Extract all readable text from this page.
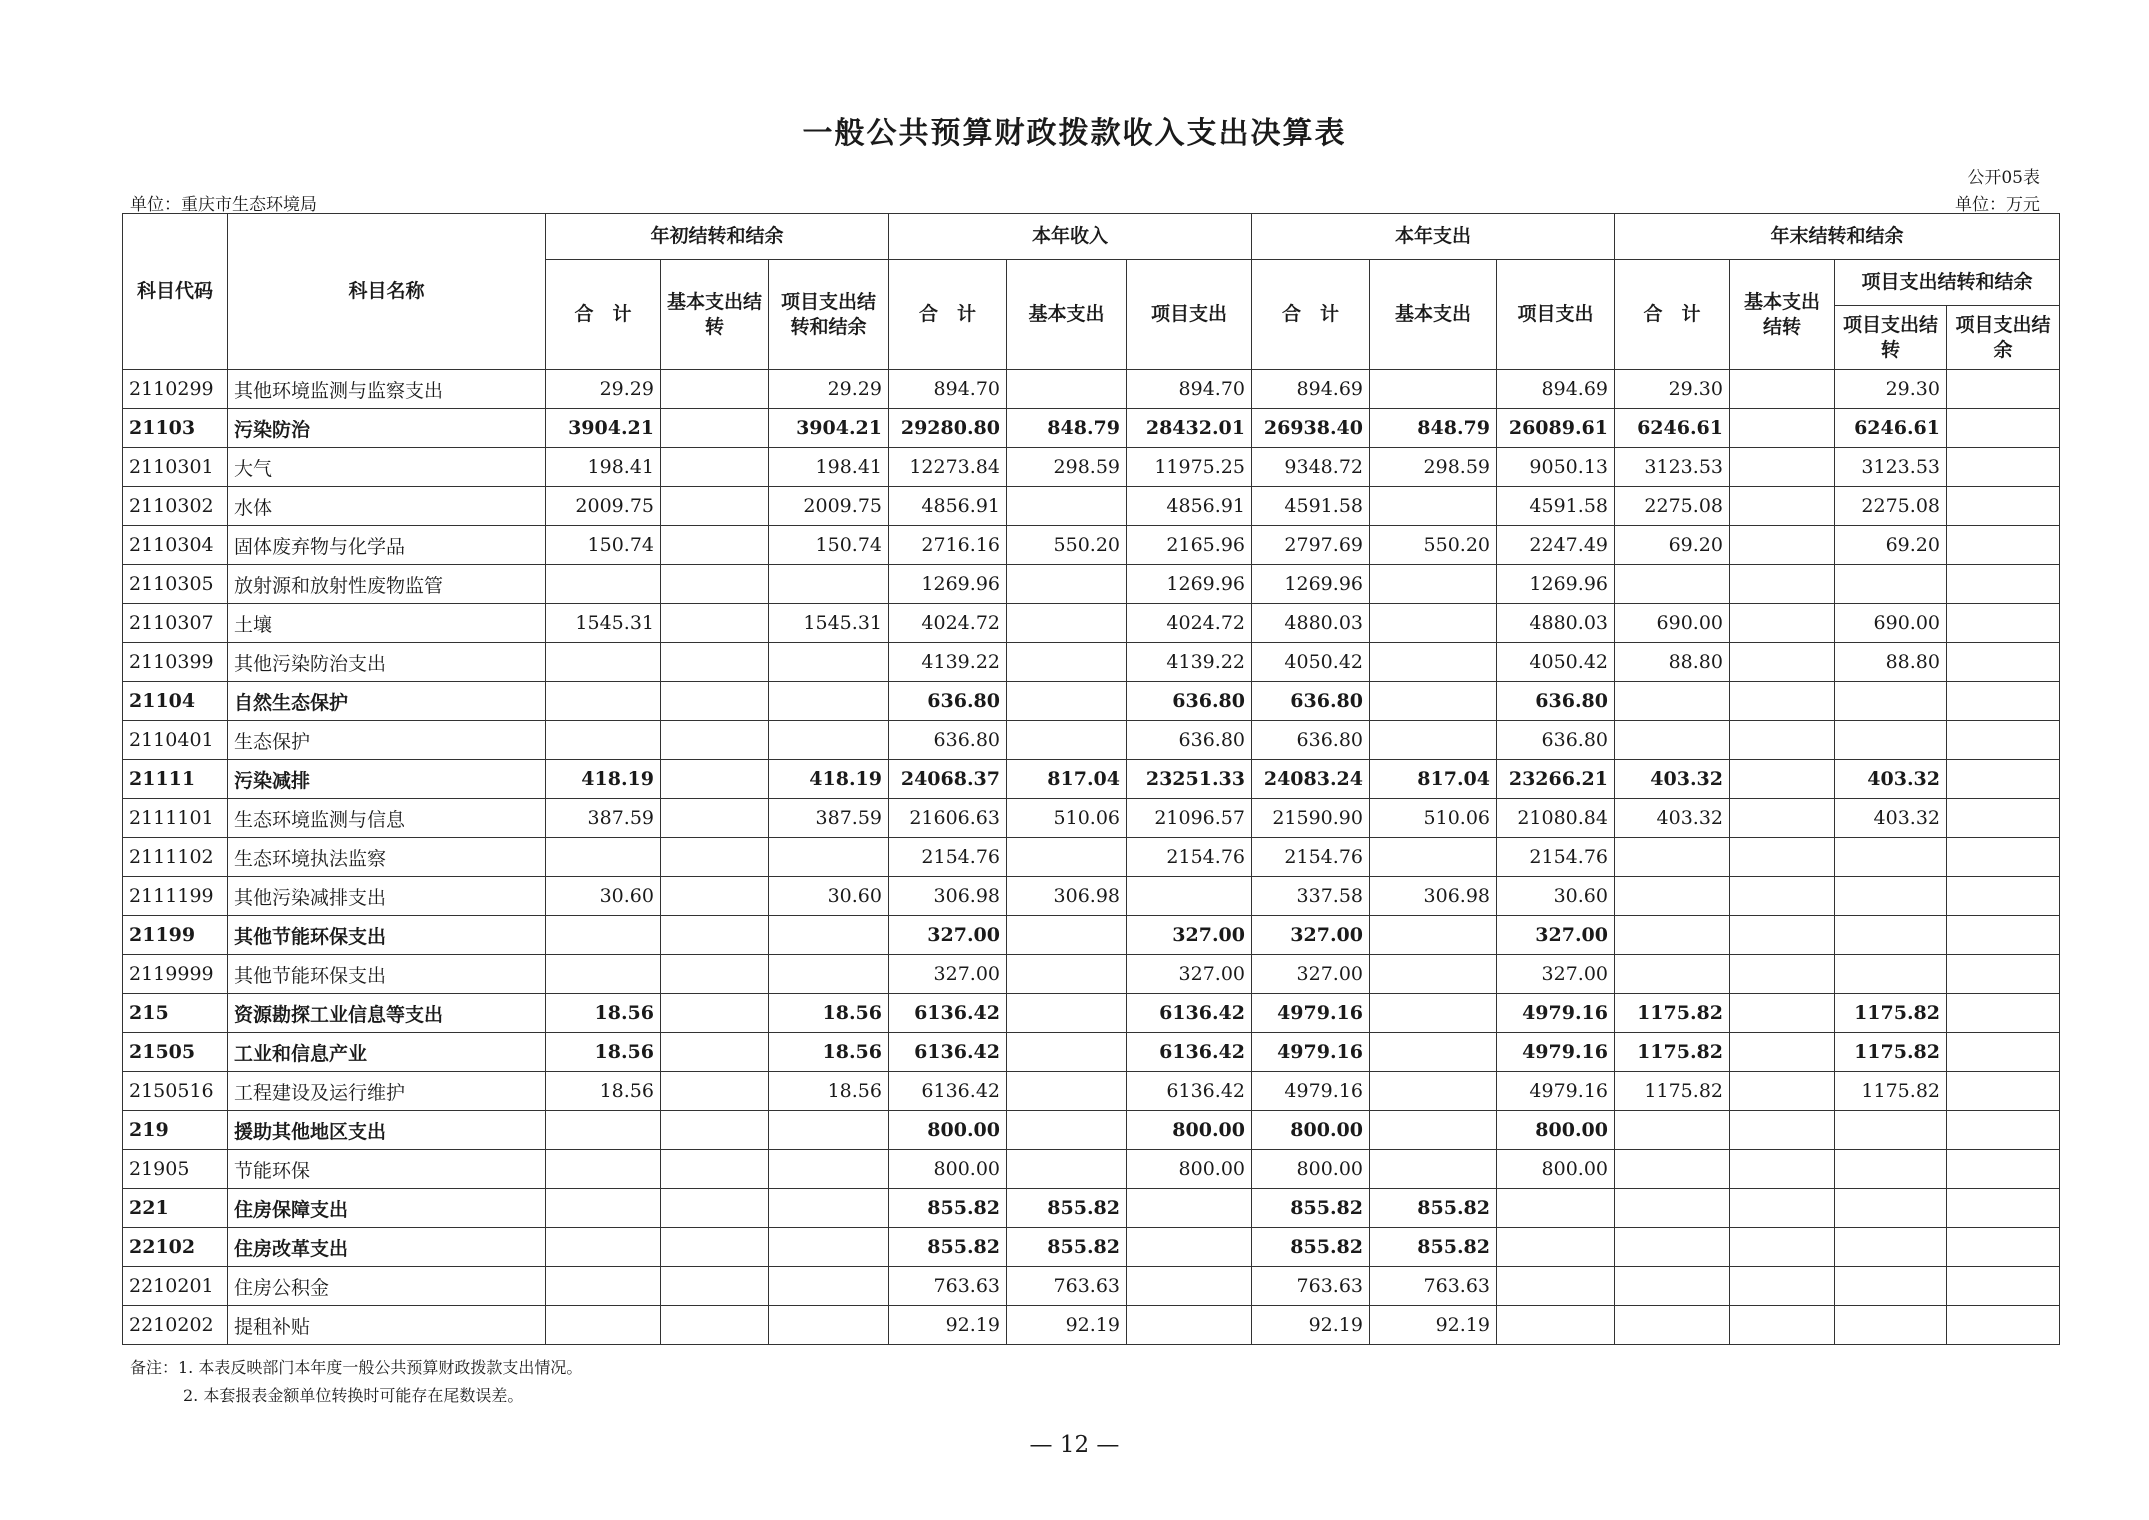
一般公共预算财政拨款收入支出决算表
公开05表
单位：重庆市生态环境局	单位：万元
科目代码	科目名称	年初结转和结余			本年收入			本年支出			年末结转和结余			
		合　计	基本支出结转	项目支出结转和结余	合　计	基本支出	项目支出	合　计	基本支出	项目支出	合　计	基本支出结转	项目支出结转和结余	
													项目支出结转	项目支出结余
2110299	其他环境监测与监察支出	29.29		29.29	894.70		894.70	894.69		894.69	29.30		29.30	
21103	污染防治	3904.21		3904.21	29280.80	848.79	28432.01	26938.40	848.79	26089.61	6246.61		6246.61	
2110301	大气	198.41		198.41	12273.84	298.59	11975.25	9348.72	298.59	9050.13	3123.53		3123.53	
2110302	水体	2009.75		2009.75	4856.91		4856.91	4591.58		4591.58	2275.08		2275.08	
2110304	固体废弃物与化学品	150.74		150.74	2716.16	550.20	2165.96	2797.69	550.20	2247.49	69.20		69.20	
2110305	放射源和放射性废物监管				1269.96		1269.96	1269.96		1269.96				
2110307	土壤	1545.31		1545.31	4024.72		4024.72	4880.03		4880.03	690.00		690.00	
2110399	其他污染防治支出				4139.22		4139.22	4050.42		4050.42	88.80		88.80	
21104	自然生态保护				636.80		636.80	636.80		636.80				
2110401	生态保护				636.80		636.80	636.80		636.80				
21111	污染减排	418.19		418.19	24068.37	817.04	23251.33	24083.24	817.04	23266.21	403.32		403.32	
2111101	生态环境监测与信息	387.59		387.59	21606.63	510.06	21096.57	21590.90	510.06	21080.84	403.32		403.32	
2111102	生态环境执法监察				2154.76		2154.76	2154.76		2154.76				
2111199	其他污染减排支出	30.60		30.60	306.98	306.98		337.58	306.98	30.60				
21199	其他节能环保支出				327.00		327.00	327.00		327.00				
2119999	其他节能环保支出				327.00		327.00	327.00		327.00				
215	资源勘探工业信息等支出	18.56		18.56	6136.42		6136.42	4979.16		4979.16	1175.82		1175.82	
21505	工业和信息产业	18.56		18.56	6136.42		6136.42	4979.16		4979.16	1175.82		1175.82	
2150516	工程建设及运行维护	18.56		18.56	6136.42		6136.42	4979.16		4979.16	1175.82		1175.82	
219	援助其他地区支出				800.00		800.00	800.00		800.00				
21905	节能环保				800.00		800.00	800.00		800.00				
221	住房保障支出				855.82	855.82		855.82	855.82					
22102	住房改革支出				855.82	855.82		855.82	855.82					
2210201	住房公积金				763.63	763.63		763.63	763.63					
2210202	提租补贴				92.19	92.19		92.19	92.19					
备注：1. 本表反映部门本年度一般公共预算财政拨款支出情况。
2. 本套报表金额单位转换时可能存在尾数误差。
— 12 —
